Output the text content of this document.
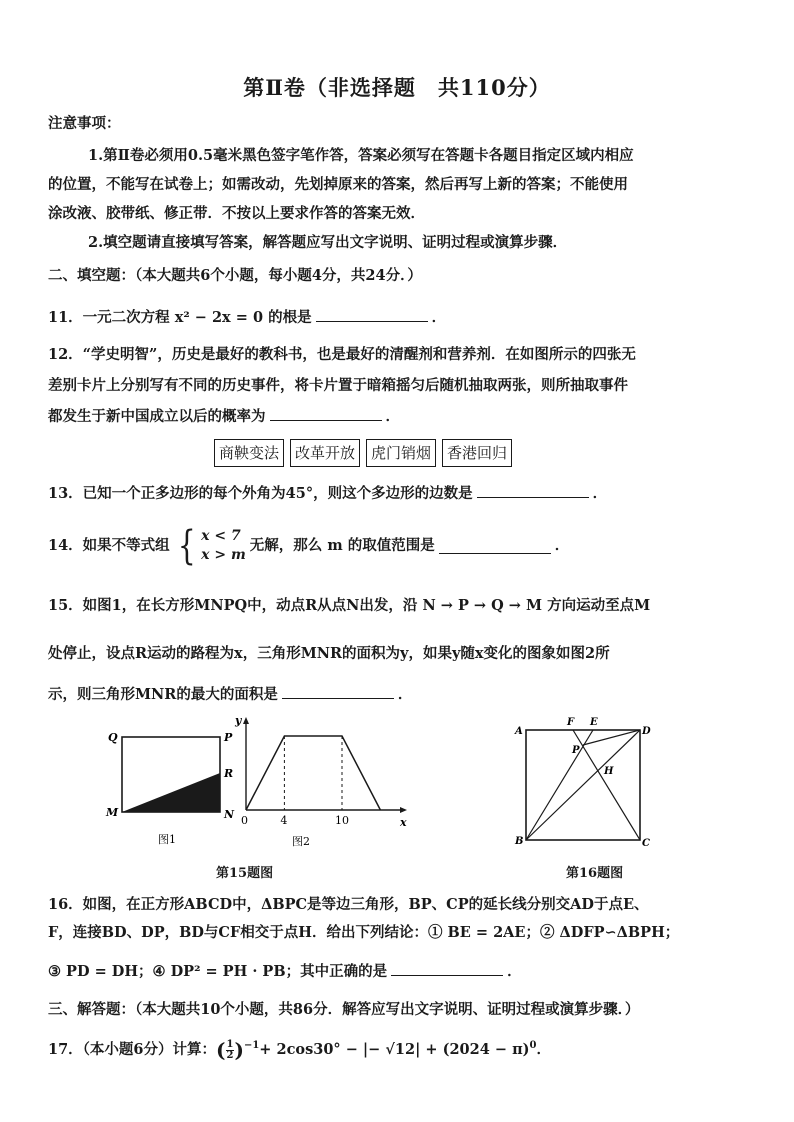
第Ⅱ卷（非选择题　共110分）
注意事项：
1.第Ⅱ卷必须用0.5毫米黑色签字笔作答，答案必须写在答题卡各题目指定区域内相应
的位置，不能写在试卷上；如需改动，先划掉原来的答案，然后再写上新的答案；不能使用
涂改液、胶带纸、修正带．不按以上要求作答的答案无效．
2.填空题请直接填写答案，解答题应写出文字说明、证明过程或演算步骤．
二、填空题：（本大题共6个小题，每小题4分，共24分．）
11．一元二次方程 x² − 2x = 0 的根是	．
12．“学史明智”，历史是最好的教科书，也是最好的清醒剂和营养剂．在如图所示的四张无
差别卡片上分别写有不同的历史事件，将卡片置于暗箱摇匀后随机抽取两张，则所抽取事件
都发生于新中国成立以后的概率为	．
商鞅变法	改革开放	虎门销烟	香港回归
13．已知一个正多边形的每个外角为45°，则这个多边形的边数是	．
14．如果不等式组 { x < 7
x > m
无解，那么 m 的取值范围是	．
15．如图1，在长方形MNPQ中，动点R从点N出发，沿 N → P → Q → M 方向运动至点M
处停止，设点R运动的路程为x，三角形MNR的面积为y，如果y随x变化的图象如图2所
示，则三角形MNR的最大的面积是	．
Q	P
R
M	N
图1
y
x
0	4	10
图2
第15题图
A	D
B	C
F E
P
H
第16题图
16．如图，在正方形ABCD中，ΔBPC是等边三角形，BP、CP的延长线分别交AD于点E、
F，连接BD、DP，BD与CF相交于点H．给出下列结论：① BE = 2AE；② ΔDFP∽ΔBPH；
③ PD = DH；④ DP² = PH · PB；其中正确的是	．
三、解答题：（本大题共10个小题，共86分．解答应写出文字说明、证明过程或演算步骤．）
17．（本小题6分）计算： ( $\frac{1}{2} )^{-1} + 2\cos 30^\circ$ − |− $√12| + (2024 - \pi)^0$ ．
